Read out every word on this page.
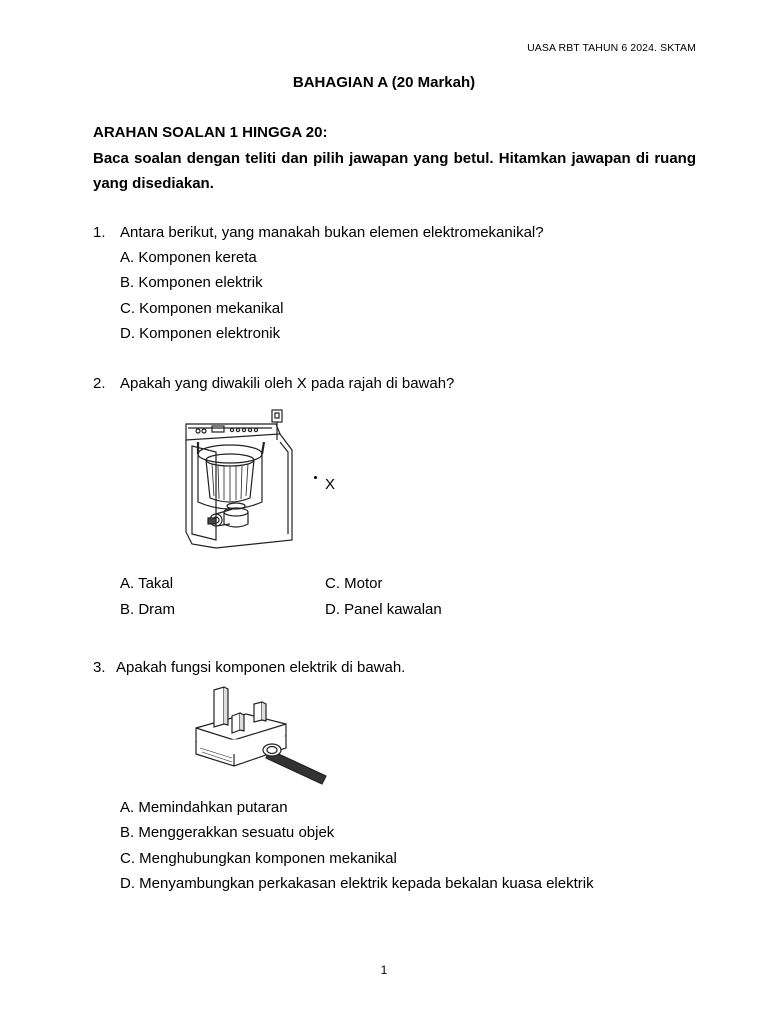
UASA RBT TAHUN 6 2024. SKTAM
BAHAGIAN A (20 Markah)
ARAHAN SOALAN 1 HINGGA 20:
Baca soalan dengan teliti dan pilih jawapan yang betul. Hitamkan jawapan di ruang yang disediakan.
1. Antara berikut, yang manakah bukan elemen elektromekanikal?
A. Komponen kereta
B. Komponen elektrik
C. Komponen mekanikal
D. Komponen elektronik
2. Apakah yang diwakili oleh X pada rajah di bawah?
X
A. Takal
B. Dram
C. Motor
D. Panel kawalan
3. Apakah fungsi komponen elektrik di bawah.
A. Memindahkan putaran
B. Menggerakkan sesuatu objek
C. Menghubungkan komponen mekanikal
D. Menyambungkan perkakasan elektrik kepada bekalan kuasa elektrik
1
